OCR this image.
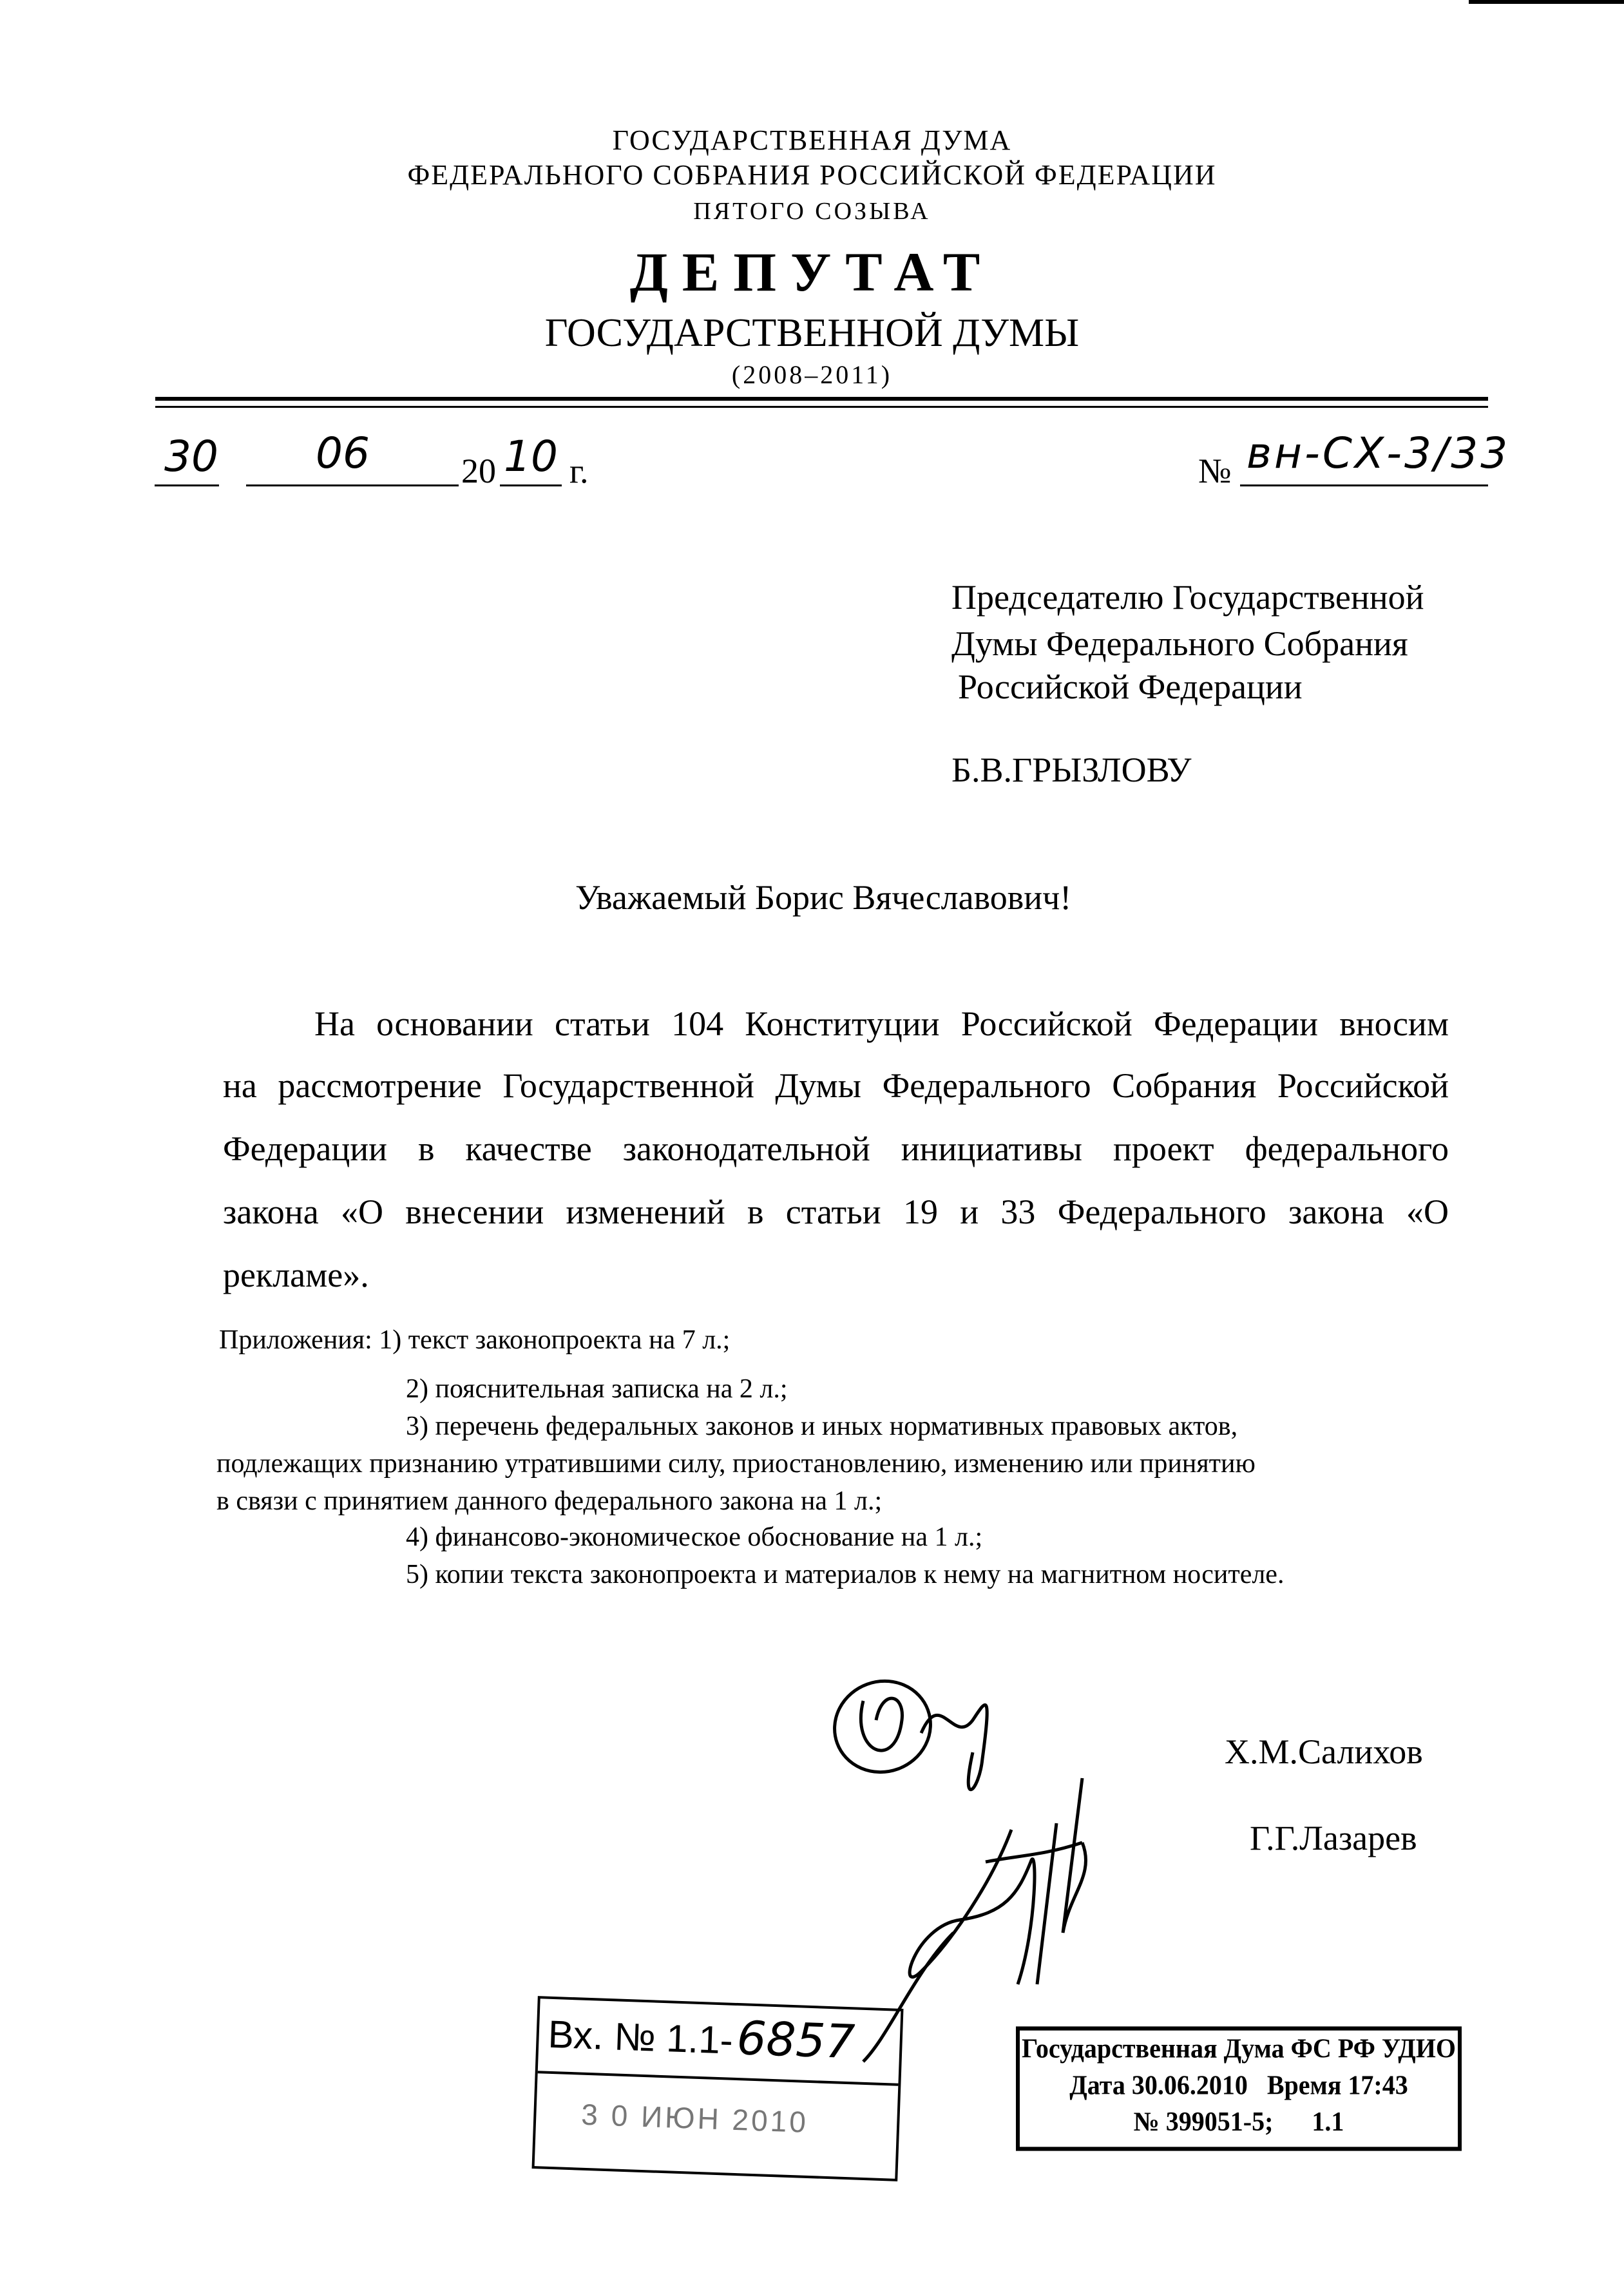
ГОСУДАРСТВЕННАЯ ДУМА
ФЕДЕРАЛЬНОГО СОБРАНИЯ РОССИЙСКОЙ ФЕДЕРАЦИИ
ПЯТОГО СОЗЫВА
ДЕПУТАТ
ГОСУДАРСТВЕННОЙ ДУМЫ
(2008–2011)
30 06	20 10 г.	№ вн-СХ-3/33
Председателю Государственной
Думы Федерального Собрания
Российской Федерации
Б.В.ГРЫЗЛОВУ
Уважаемый Борис Вячеславович!
На основании статьи 104 Конституции Российской Федерации вносим
на рассмотрение Государственной Думы Федерального Собрания Российской
Федерации в качестве законодательной инициативы проект федерального
закона «О внесении изменений в статьи 19 и 33 Федерального закона «О
рекламе».
Приложения: 1) текст законопроекта на 7 л.;
2) пояснительная записка на 2 л.;
3) перечень федеральных законов и иных нормативных правовых актов,
подлежащих признанию утратившими силу, приостановлению, изменению или принятию
в связи с принятием данного федерального закона на 1 л.;
4) финансово-экономическое обоснование на 1 л.;
5) копии текста законопроекта и материалов к нему на магнитном носителе.
Х.М.Салихов
Г.Г.Лазарев
Вх. № 1.1- 6857
3 0 ИЮН 2010
Государственная Дума ФС РФ УДИО
Дата 30.06.2010   Время 17:43
№ 399051-5;      1.1
